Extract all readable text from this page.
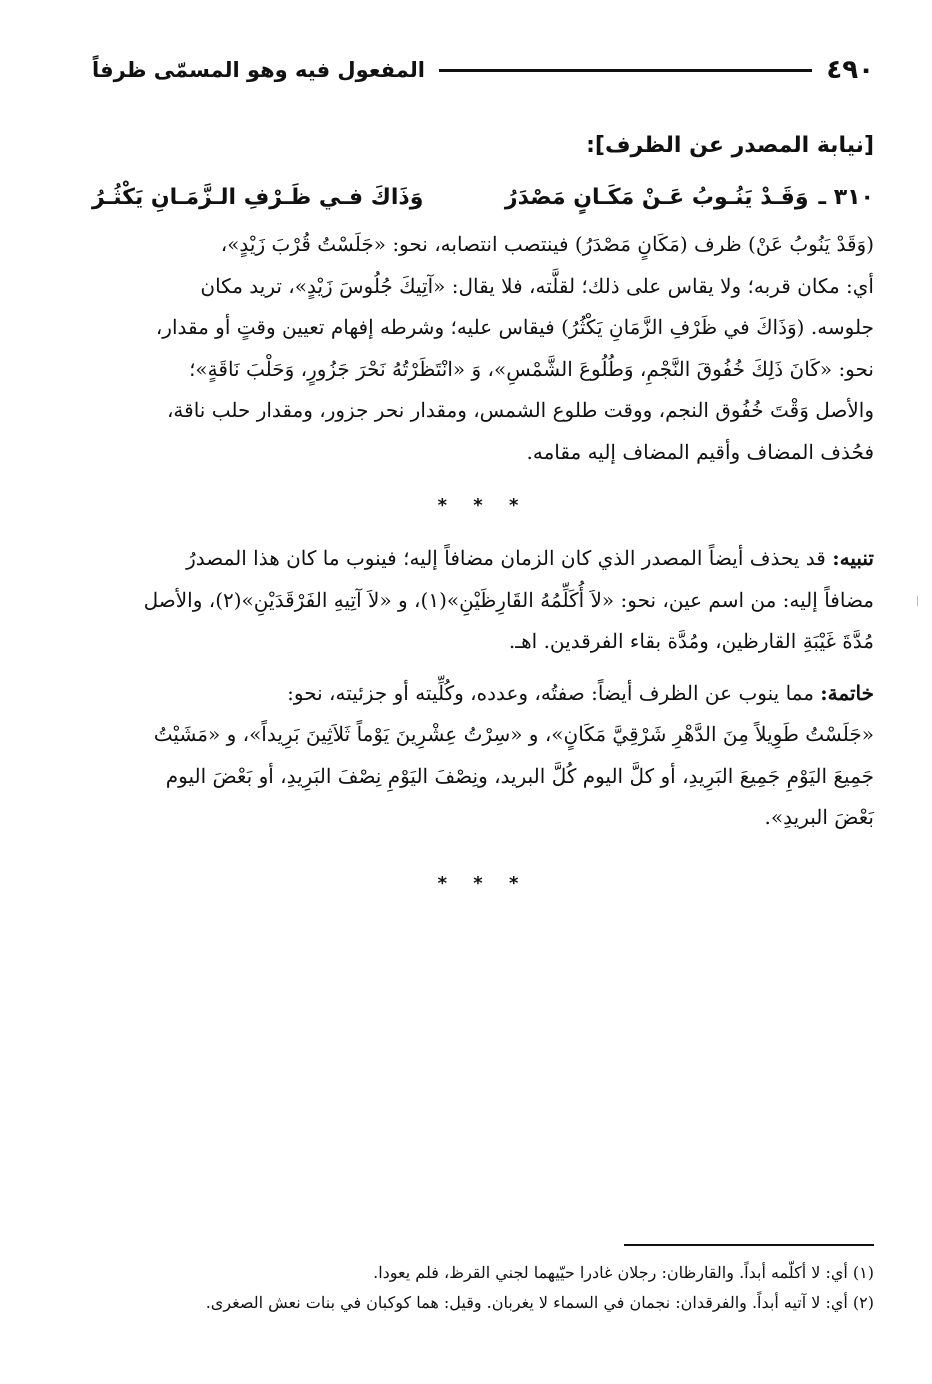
٤٩٠
المفعول فيه وهو المسمّى ظرفاً
[نيابة المصدر عن الظرف]:
٣١٠ ـ
وَقَـدْ يَنُـوبُ عَـنْ مَكَـانٍ مَصْدَرُ
وَذَاكَ فـي ظَـرْفِ الـزَّمَـانِ يَكْثُـرُ

(وَقَدْ يَنُوبُ عَنْ) ظرف (مَكَانٍ مَصْدَرُ) فينتصب انتصابه، نحو: «جَلَسْتُ قُرْبَ زَيْدٍ»،

أي: مكان قربه؛ ولا يقاس على ذلك؛ لقلَّته، فلا يقال: «آتِيكَ جُلُوسَ زَيْدٍ»، تريد مكان

جلوسه. (وَذَاكَ في ظَرْفِ الزَّمَانِ يَكْثُرُ) فيقاس عليه؛ وشرطه إفهام تعيين وقتٍ أو مقدار،

نحو: «كَانَ ذَلِكَ خُفُوقَ النَّجْمِ، وَطُلُوعَ الشَّمْسِ»، وَ «انْتَظَرْتُهُ نَحْرَ جَزُورٍ، وَحَلْبَ نَاقَةٍ»؛

والأصل وَقْتَ خُفُوق النجم، ووقت طلوع الشمس، ومقدار نحر جزور، ومقدار حلب ناقة،

فحُذف المضاف وأقيم المضاف إليه مقامه.

* * *

تنبيه: قد يحذف أيضاً المصدر الذي كان الزمان مضافاً إليه؛ فينوب ما كان هذا المصدرُ

مضافاً إليه: من اسم عين، نحو: «لاَ أُكَلِّمُهُ القَارِظَيْنِ»(١)، و «لاَ آتِيهِ الفَرْقَدَيْنِ»(٢)، والأصل

مُدَّةَ غَيْبَةِ القارظين، ومُدَّة بقاء الفرقدين. اهـ.

خاتمة: مما ينوب عن الظرف أيضاً: صفتُه، وعدده، وكُلِّيته أو جزئيته، نحو:

«جَلَسْتُ طَوِيلاً مِنَ الدَّهْرِ شَرْقِيَّ مَكَانٍ»، و «سِرْتُ عِشْرِينَ يَوْماً ثَلاَثِينَ بَرِيداً»، و «مَشَيْتُ

جَمِيعَ اليَوْمِ جَمِيعَ البَرِيدِ، أو كلَّ اليوم كُلَّ البريد، ونِصْفَ اليَوْمِ نِصْفَ البَرِيدِ، أو بَعْضَ اليوم

بَعْضَ البريدِ».

* * *
(١) أي: لا أكلّمه أبداً. والقارظان: رجلان غادرا حيّيهما لجني القرظ، فلم يعودا.
(٢) أي: لا آتيه أبداً. والفرقدان: نجمان في السماء لا يغربان. وقيل: هما كوكبان في بنات نعش الصغرى.
